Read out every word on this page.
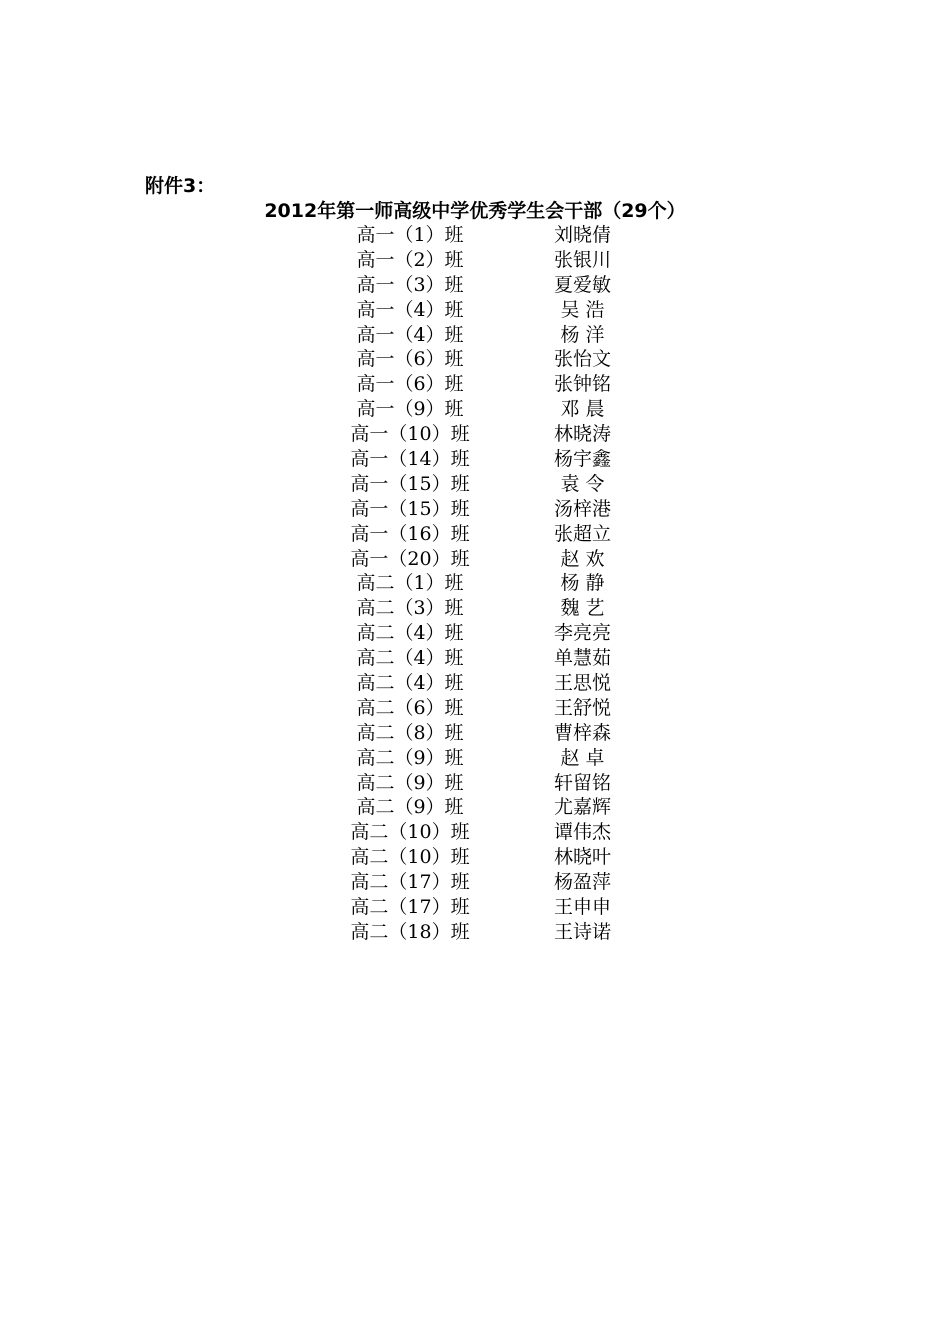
附件3：
2012年第一师高级中学优秀学生会干部（29个）
高一（1）班	刘晓倩
高一（2）班	张银川
高一（3）班	夏爱敏
高一（4）班	吴 浩
高一（4）班	杨 洋
高一（6）班	张怡文
高一（6）班	张钟铭
高一（9）班	邓 晨
高一（10）班	林晓涛
高一（14）班	杨宇鑫
高一（15）班	袁 令
高一（15）班	汤梓港
高一（16）班	张超立
高一（20）班	赵 欢
高二（1）班	杨 静
高二（3）班	魏 艺
高二（4）班	李亮亮
高二（4）班	单慧茹
高二（4）班	王思悦
高二（6）班	王舒悦
高二（8）班	曹梓森
高二（9）班	赵 卓
高二（9）班	轩留铭
高二（9）班	尤嘉辉
高二（10）班	谭伟杰
高二（10）班	林晓叶
高二（17）班	杨盈萍
高二（17）班	王申申
高二（18）班	王诗诺
